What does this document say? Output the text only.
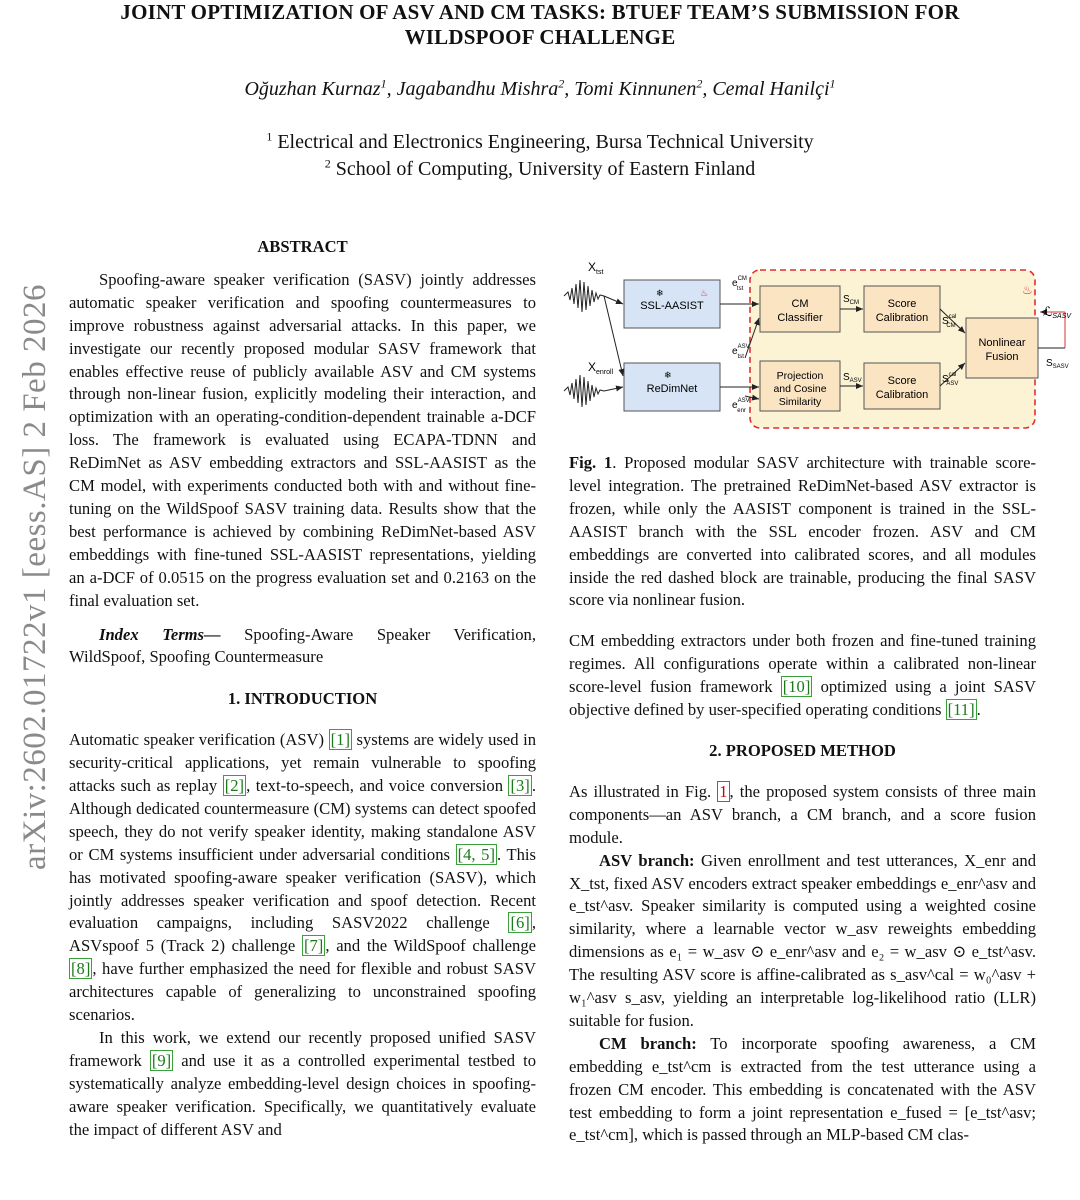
JOINT OPTIMIZATION OF ASV AND CM TASKS: BTUEF TEAM’S SUBMISSION FOR
WILDSPOOF CHALLENGE
Oğuzhan Kurnaz$^1$, Jagabandhu Mishra$^2$, Tomi Kinnunen$^2$, Cemal Hanilçi$^1$
$^1$ Electrical and Electronics Engineering, Bursa Technical University
$^2$ School of Computing, University of Eastern Finland
arXiv:2602.01722v1 [eess.AS] 2 Feb 2026

ABSTRACT

Spoofing-aware speaker verification (SASV) jointly addresses automatic speaker verification and spoofing countermeasures to improve robustness against adversarial attacks. In this paper, we investigate our recently proposed modular SASV framework that enables effective reuse of publicly available ASV and CM systems through non-linear fusion, explicitly modeling their interaction, and optimization with an operating-condition-dependent trainable a-DCF loss. The framework is evaluated using ECAPA-TDNN and ReDimNet as ASV embedding extractors and SSL-AASIST as the CM model, with experiments conducted both with and without fine-tuning on the WildSpoof SASV training data. Results show that the best performance is achieved by combining ReDimNet-based ASV embeddings with fine-tuned SSL-AASIST representations, yielding an a-DCF of 0.0515 on the progress evaluation set and 0.2163 on the final evaluation set.

Index Terms— Spoofing-Aware Speaker Verification, WildSpoof, Spoofing Countermeasure

1. INTRODUCTION

Automatic speaker verification (ASV) [1] systems are widely used in security-critical applications, yet remain vulnerable to spoofing attacks such as replay [2] , text-to-speech, and voice conversion [3] . Although dedicated countermeasure (CM) systems can detect spoofed speech, they do not verify speaker identity, making standalone ASV or CM systems insufficient under adversarial conditions [4, 5] . This has motivated spoofing-aware speaker verification (SASV), which jointly addresses speaker verification and spoof detection. Recent evaluation campaigns, including SASV2022 challenge [6] , ASVspoof 5 (Track 2) challenge [7] , and the WildSpoof challenge [8] , have further emphasized the need for flexible and robust SASV architectures capable of generalizing to unconstrained spoofing scenarios.

In this work, we extend our recently proposed unified SASV framework [9] and use it as a controlled experimental testbed to systematically analyze embedding-level design choices in spoofing-aware speaker verification. Specifically, we quantitatively evaluate the impact of different ASV and

$X_{tst}$
$X_{enroll}$
♨
SSL-AASIST
❄	♨
ReDimNet
❄
$e^{CM}$ tst
$e^{ASV}$ tst
$e^{ASV}$ enr
CM
Classifier
Projection
and Cosine
Similarity
Score
Calibration
Score
Calibration
Nonlinear
Fusion
$S_{CM}$
$S_{ASV}$
$S^{cal}$ CM
$S^{cal}$ ASV
$S_{SASV}$
ℒSASV

Fig. 1. Proposed modular SASV architecture with trainable score-level integration. The pretrained ReDimNet-based ASV extractor is frozen, while only the AASIST component is trained in the SSL-AASIST branch with the SSL encoder frozen. ASV and CM embeddings are converted into calibrated scores, and all modules inside the red dashed block are trainable, producing the final SASV score via nonlinear fusion.

CM embedding extractors under both frozen and fine-tuned training regimes. All configurations operate within a calibrated non-linear score-level fusion framework [10] optimized using a joint SASV objective defined by user-specified operating conditions [11] .

2. PROPOSED METHOD

As illustrated in Fig. 1 , the proposed system consists of three main components—an ASV branch, a CM branch, and a score fusion module.

ASV branch: Given enrollment and test utterances, X_enr and X_tst, fixed ASV encoders extract speaker embeddings e_enr^asv and e_tst^asv. Speaker similarity is computed using a weighted cosine similarity, where a learnable vector w_asv reweights embedding dimensions as e₁ = w_asv ⊙ e_enr^asv and e₂ = w_asv ⊙ e_tst^asv. The resulting ASV score is affine-calibrated as s_asv^cal = w₀^asv + w₁^asv s_asv, yielding an interpretable log-likelihood ratio (LLR) suitable for fusion.

CM branch: To incorporate spoofing awareness, a CM embedding e_tst^cm is extracted from the test utterance using a frozen CM encoder. This embedding is concatenated with the ASV test embedding to form a joint representation e_fused = [e_tst^asv; e_tst^cm], which is passed through an MLP-based CM clas-
